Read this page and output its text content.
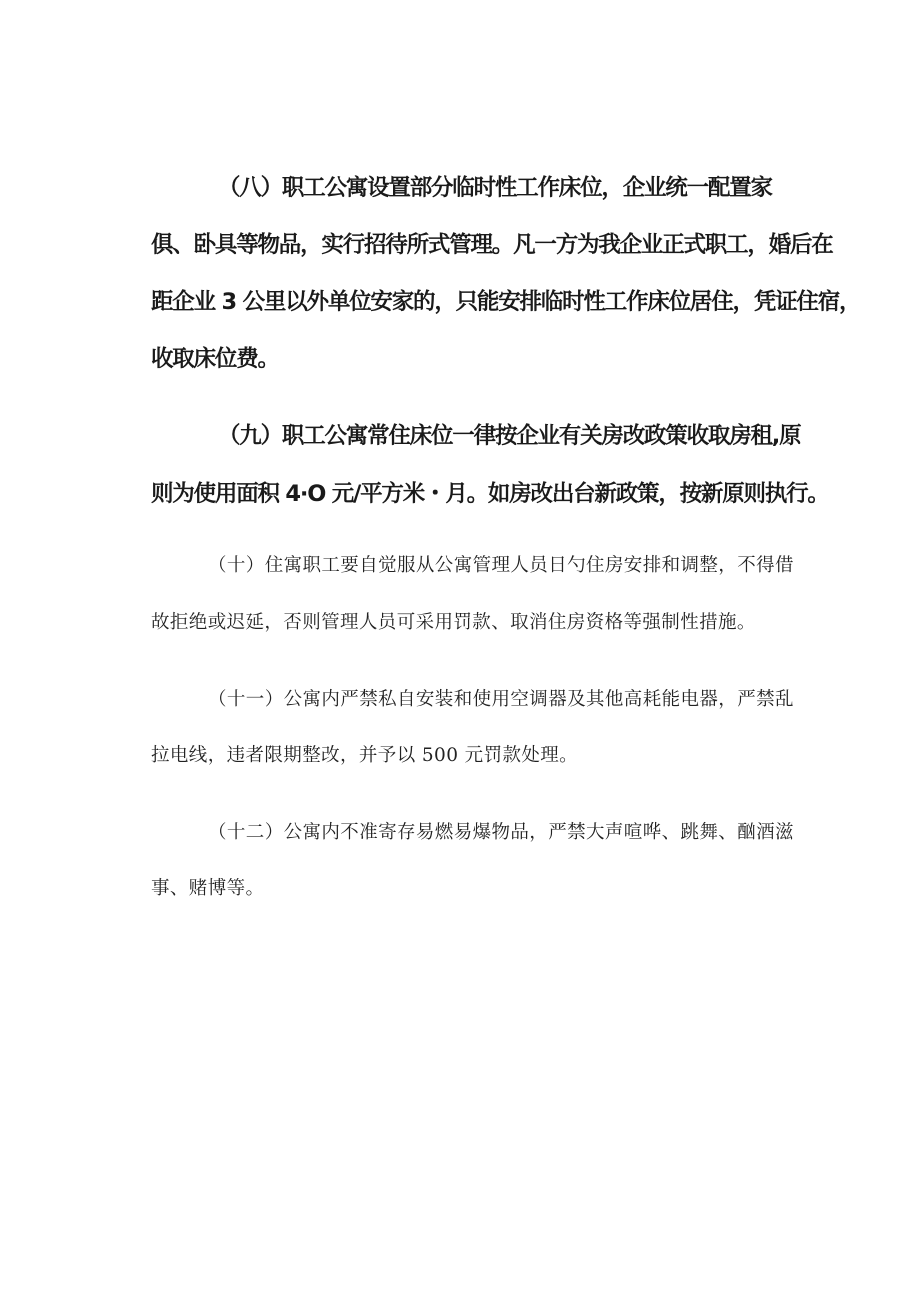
（八）职工公寓设置部分临时性工作床位，企业统一配置家
俱、卧具等物品，实行招待所式管理。凡一方为我企业正式职工，婚后在
距企业 3 公里以外单位安家的，只能安排临时性工作床位居住，凭证住宿，
收取床位费。
（九）职工公寓常住床位一律按企业有关房改政策收取房租,原
则为使用面积 4·O 元/平方米・月。如房改出台新政策，按新原则执行。
（十）住寓职工要自觉服从公寓管理人员日勺住房安排和调整，不得借
故拒绝或迟延，否则管理人员可采用罚款、取消住房资格等强制性措施。
（十一）公寓内严禁私自安装和使用空调器及其他高耗能电器，严禁乱
拉电线，违者限期整改，并予以 500 元罚款处理。
（十二）公寓内不准寄存易燃易爆物品，严禁大声喧哗、跳舞、酗酒滋
事、赌博等。
